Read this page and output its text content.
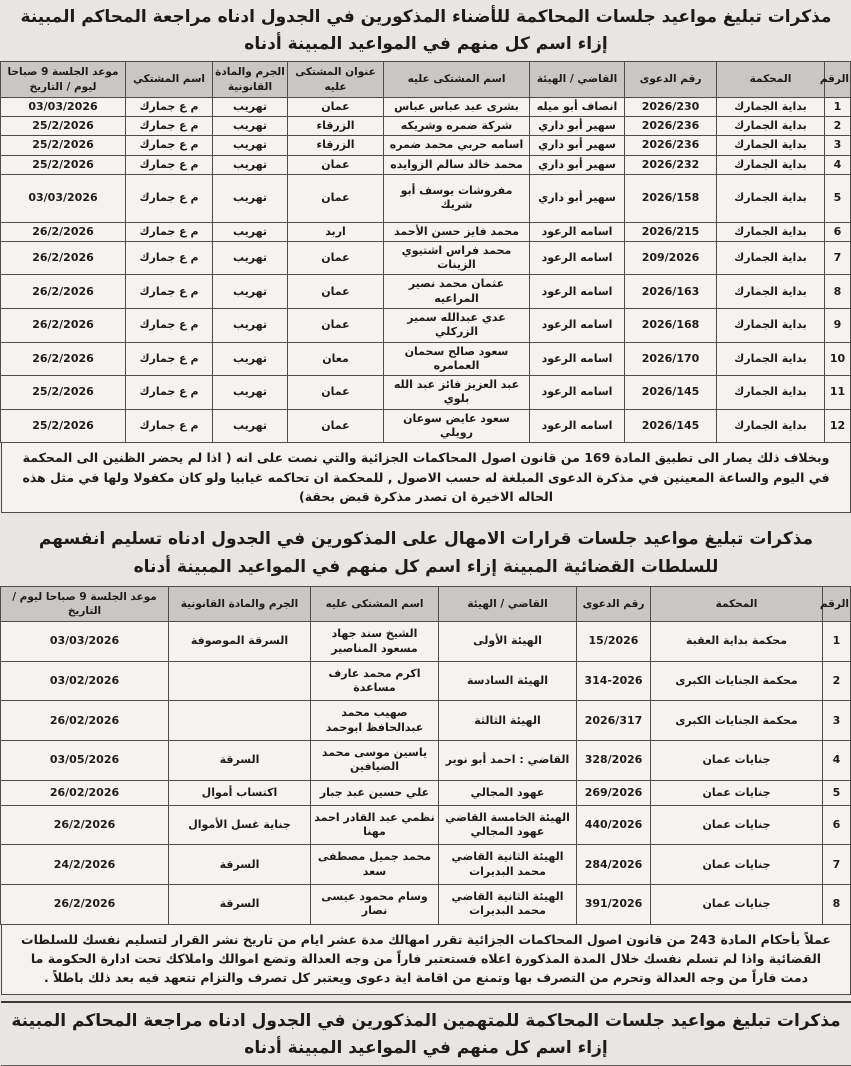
مذكرات تبليغ مواعيد جلسات المحاكمة للأضناء المذكورين في الجدول ادناه مراجعة المحاكم المبينة إزاء اسم كل منهم في المواعيد المبينة أدناه
الرقم	المحكمة	رقم الدعوى	القاضي / الهيئة	اسم المشتكى عليه	عنوان المشتكى عليه	الجرم والمادة القانونية	اسم المشتكي	موعد الجلسة 9 صباحا ليوم / التاريخ
1	بداية الجمارك	2026/230	انصاف أبو ميله	بشرى عبد عباس عباس	عمان	تهريب	م ع جمارك	03/03/2026
2	بداية الجمارك	2026/236	سهير أبو داري	شركة ضمره وشريكه	الزرقاء	تهريب	م ع جمارك	25/2/2026
3	بداية الجمارك	2026/236	سهير أبو داري	اسامه حربي محمد ضمره	الزرقاء	تهريب	م ع جمارك	25/2/2026
4	بداية الجمارك	2026/232	سهير أبو داري	محمد خالد سالم الزوايده	عمان	تهريب	م ع جمارك	25/2/2026
5	بداية الجمارك	2026/158	سهير أبو داري	مفروشات يوسف أبو شريك	عمان	تهريب	م ع جمارك	03/03/2026
6	بداية الجمارك	2026/215	اسامه الرعود	محمد فايز حسن الأحمد	اربد	تهريب	م ع جمارك	26/2/2026
7	بداية الجمارك	209/2026	اسامه الرعود	محمد فراس اشتيوي الزينات	عمان	تهريب	م ع جمارك	26/2/2026
8	بداية الجمارك	2026/163	اسامه الرعود	عثمان محمد نصير المراعيه	عمان	تهريب	م ع جمارك	26/2/2026
9	بداية الجمارك	2026/168	اسامه الرعود	عدي عبدالله سمير الزركلي	عمان	تهريب	م ع جمارك	26/2/2026
10	بداية الجمارك	2026/170	اسامه الرعود	سعود صالح سحمان العمامره	معان	تهريب	م ع جمارك	26/2/2026
11	بداية الجمارك	2026/145	اسامه الرعود	عبد العزيز فائز عبد الله بلوي	عمان	تهريب	م ع جمارك	25/2/2026
12	بداية الجمارك	2026/145	اسامه الرعود	سعود عايض سوعان رويلي	عمان	تهريب	م ع جمارك	25/2/2026
وبخلاف ذلك يصار الى تطبيق المادة 169 من قانون اصول المحاكمات الجزائية والتي نصت على انه ( اذا لم يحضر الظنين الى المحكمة في اليوم والساعة المعينين في مذكرة الدعوى المبلغة له حسب الاصول , للمحكمة ان تحاكمه غيابيا ولو كان مكفولا ولها في مثل هذه الحاله الاخيرة ان تصدر مذكرة قبض بحقة)
مذكرات تبليغ مواعيد جلسات قرارات الامهال على المذكورين في الجدول ادناه تسليم انفسهم للسلطات القضائية المبينة إزاء اسم كل منهم في المواعيد المبينة أدناه
الرقم	المحكمة	رقم الدعوى	القاضي / الهيئة	اسم المشتكى عليه	الجرم والمادة القانونية	موعد الجلسة 9 صباحا ليوم / التاريخ
1	محكمة بداية العقبة	15/2026	الهيئة الأولى	الشيخ سند جهاد مسعود المناصير	السرقة الموصوفة	03/03/2026
2	محكمة الجنايات الكبرى	314-2026	الهيئة السادسة	اكرم محمد عارف مساعدة		03/02/2026
3	محكمة الجنايات الكبرى	2026/317	الهيئة الثالثة	صهيب محمد عبدالحافظ ابوحمد		26/02/2026
4	جنايات عمان	328/2026	القاضي : احمد أبو نوير	ياسين موسى محمد الضيافين	السرقة	03/05/2026
5	جنايات عمان	269/2026	عهود المجالي	علي حسين عبد جبار	اكتساب أموال	26/02/2026
6	جنايات عمان	440/2026	الهيئة الخامسة القاضي عهود المجالي	نظمي عبد القادر احمد مهنا	جناية غسل الأموال	26/2/2026
7	جنايات عمان	284/2026	الهيئة الثانية القاضي محمد البديرات	محمد جميل مصطفى سعد	السرقة	24/2/2026
8	جنايات عمان	391/2026	الهيئة الثانية القاضي محمد البديرات	وسام محمود عيسى نصار	السرقة	26/2/2026
عملاً بأحكام المادة 243 من قانون اصول المحاكمات الجزائية تقرر امهالك مدة عشر ايام من تاريخ نشر القرار لتسليم نفسك للسلطات القضائية واذا لم تسلم نفسك خلال المدة المذكورة اعلاه فستعتبر فاراً من وجه العدالة وتضع اموالك واملاكك تحت ادارة الحكومة ما دمت فاراً من وجه العدالة وتحرم من التصرف بها وتمنع من اقامة اية دعوى ويعتبر كل تصرف والتزام تتعهد فيه بعد ذلك باطلاً .
مذكرات تبليغ مواعيد جلسات المحاكمة للمتهمين المذكورين في الجدول ادناه مراجعة المحاكم المبينة إزاء اسم كل منهم في المواعيد المبينة أدناه
